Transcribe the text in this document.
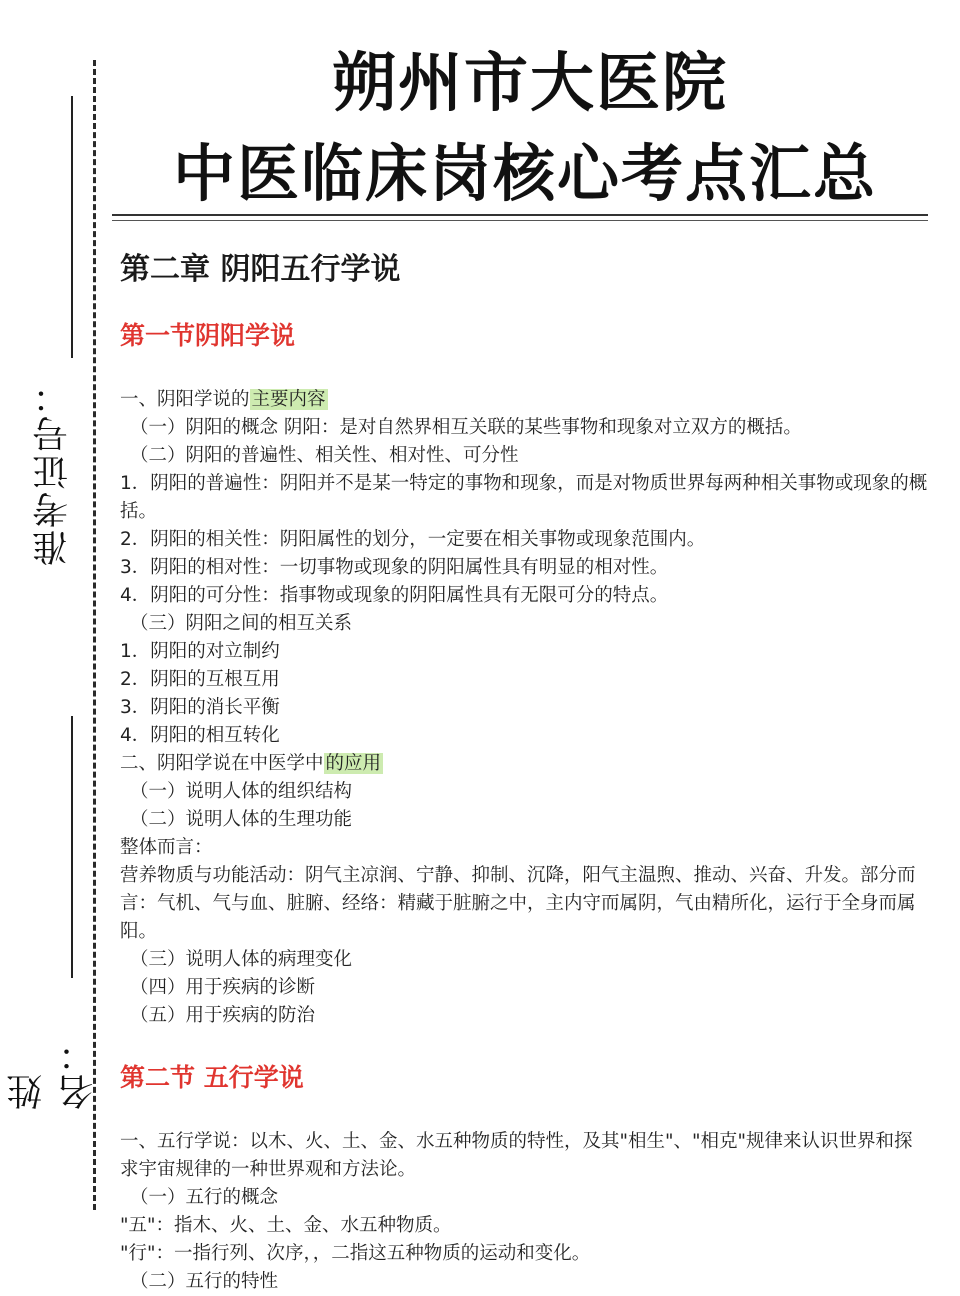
准考证号：
姓名：
朔州市大医院
中医临床岗核心考点汇总
第二章 阴阳五行学说
第一节阴阳学说
一、阴阳学说的 主要内容
（一）阴阳的概念 阴阳：是对自然界相互关联的某些事物和现象对立双方的概括。
（二）阴阳的普遍性、相关性、相对性、可分性
1．阴阳的普遍性：阴阳并不是某一特定的事物和现象，而是对物质世界每两种相关事物或现象的概括。
2．阴阳的相关性：阴阳属性的划分，一定要在相关事物或现象范围内。
3．阴阳的相对性：一切事物或现象的阴阳属性具有明显的相对性。
4．阴阳的可分性：指事物或现象的阴阳属性具有无限可分的特点。
（三）阴阳之间的相互关系
1．阴阳的对立制约
2．阴阳的互根互用
3．阴阳的消长平衡
4．阴阳的相互转化
二、阴阳学说在中医学中 的应用
（一）说明人体的组织结构
（二）说明人体的生理功能
整体而言：
营养物质与功能活动：阴气主凉润、宁静、抑制、沉降，阳气主温煦、推动、兴奋、升发。部分而言：气机、气与血、脏腑、经络：精藏于脏腑之中，主内守而属阴，气由精所化，运行于全身而属阳。
（三）说明人体的病理变化
（四）用于疾病的诊断
（五）用于疾病的防治
第二节 五行学说
一、五行学说：以木、火、土、金、水五种物质的特性，及其"相生"、"相克"规律来认识世界和探求宇宙规律的一种世界观和方法论。
（一）五行的概念
"五"：指木、火、土、金、水五种物质。
"行"：一指行列、次序，，二指这五种物质的运动和变化。
（二）五行的特性
